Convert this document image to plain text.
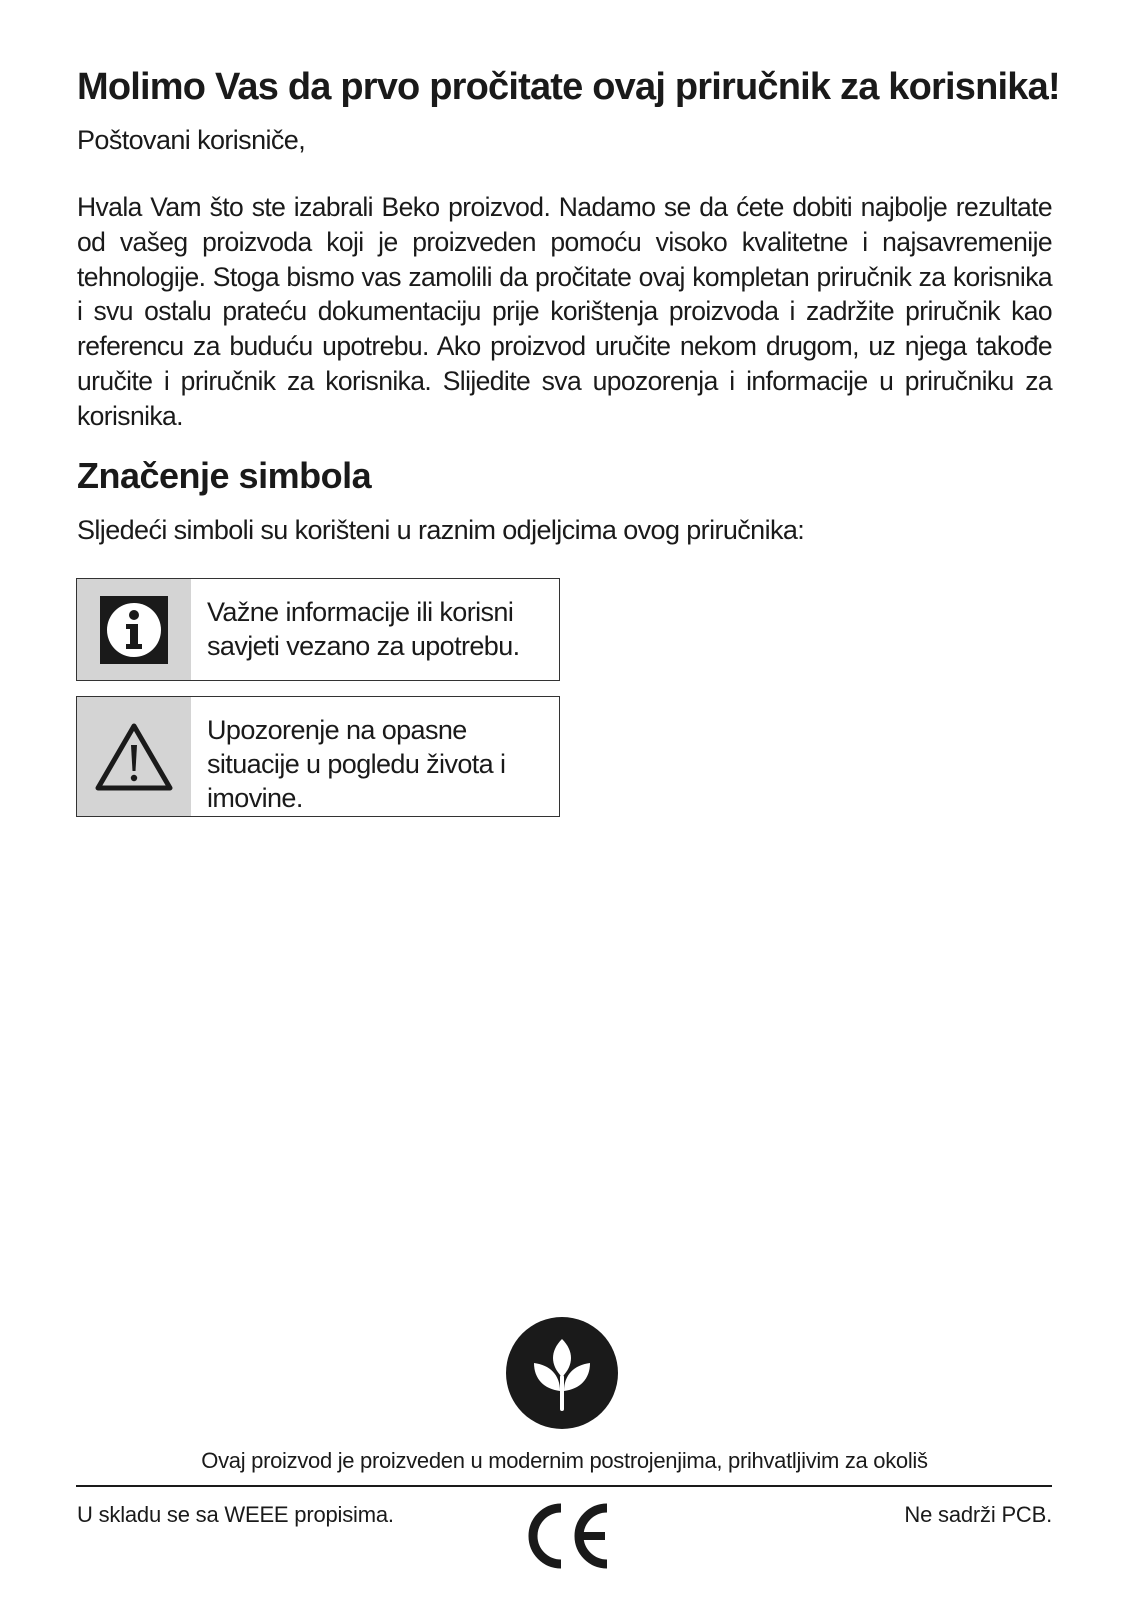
Molimo Vas da prvo pročitate ovaj priručnik za korisnika!

Poštovani korisniče,

Hvala Vam što ste izabrali Beko proizvod. Nadamo se da ćete dobiti najbolje rezultate od vašeg proizvoda koji je proizveden pomoću visoko kvalitetne i najsavremenije tehnologije. Stoga bismo vas zamolili da pročitate ovaj kompletan priručnik za korisnika i svu ostalu prateću dokumentaciju prije korištenja proizvoda i zadržite priručnik kao referencu za buduću upotrebu. Ako proizvod uručite nekom drugom, uz njega takođe uručite i priručnik za korisnika. Slijedite sva upozorenja i informacije u priručniku za korisnika.

Značenje simbola

Sljedeći simboli su korišteni u raznim odjeljcima ovog priručnika:

Važne informacije ili korisni savjeti vezano za upotrebu.
Upozorenje na opasne situacije u pogledu života i imovine.
Ovaj proizvod je proizveden u modernim postrojenjima, prihvatljivim za okoliš
U skladu se sa WEEE propisima.	Ne sadrži PCB.
